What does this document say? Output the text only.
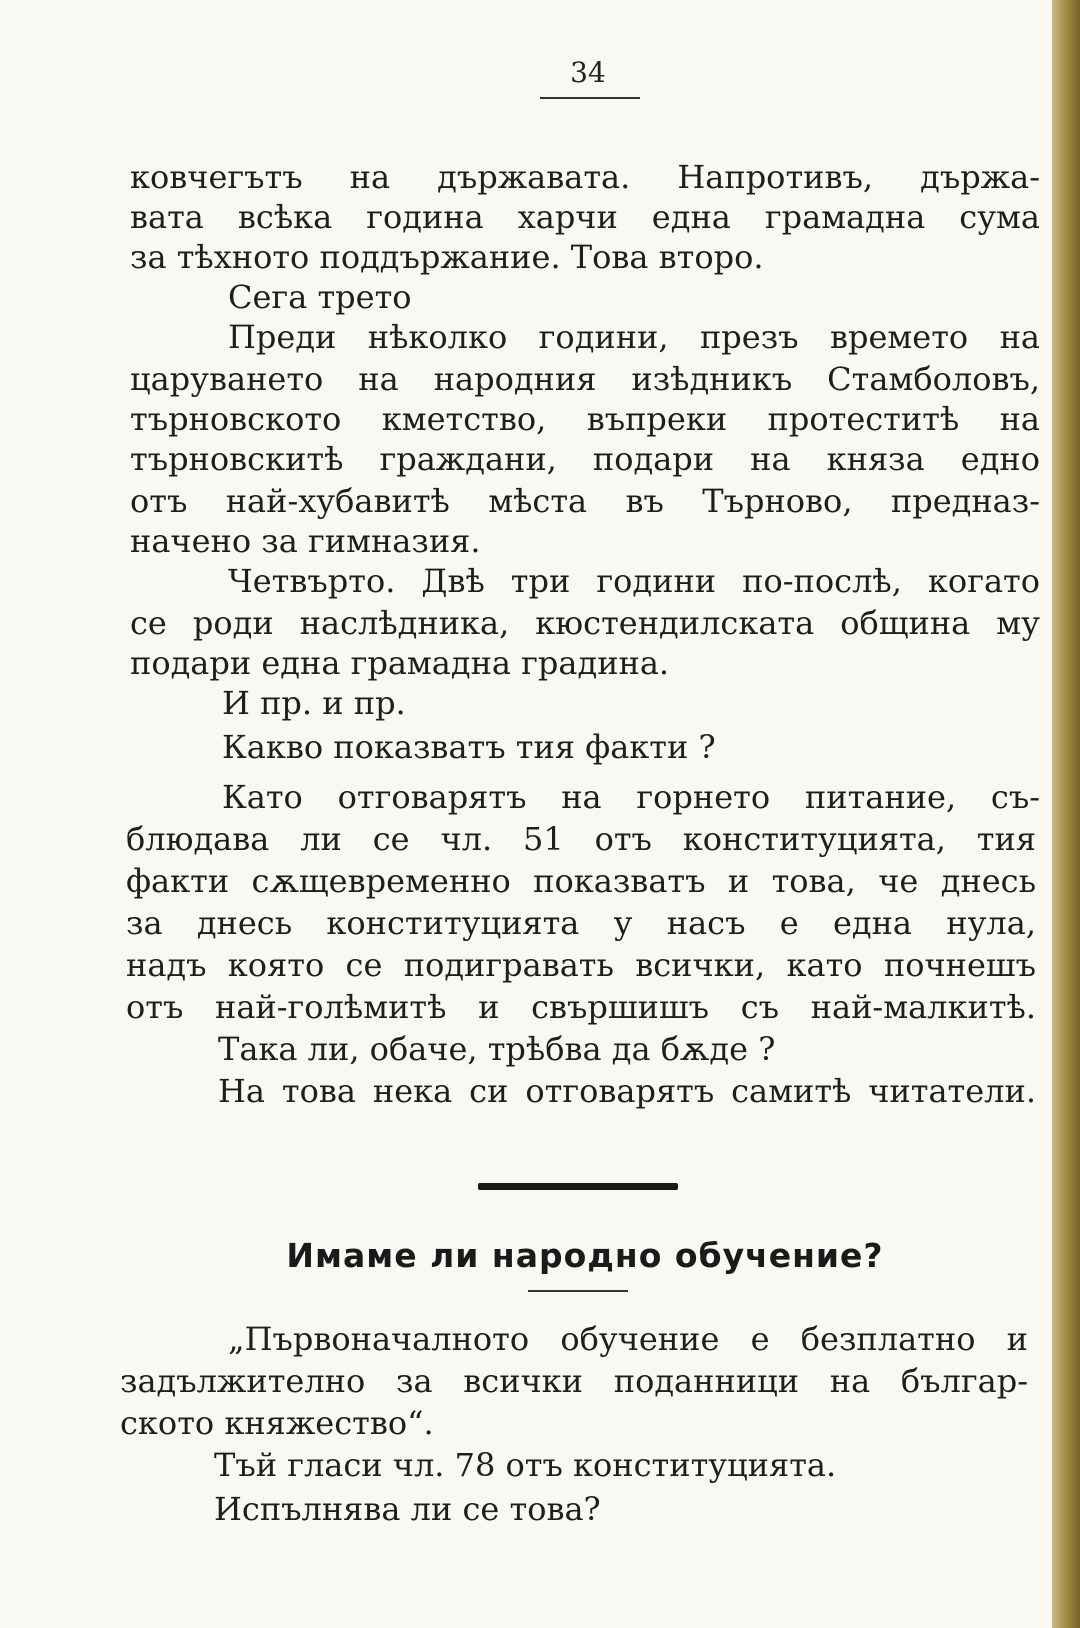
34
ковчегътъ на държавата. Напротивъ, държа-
вата всѣка година харчи една грамадна сума
за тѣхното поддържание. Това второ.
Сега трето
Преди нѣколко години, презъ времето на
царуването на народния изѣдникъ Стамболовъ,
търновското кметство, въпреки протеститѣ на
търновскитѣ граждани, подари на княза едно
отъ най-хубавитѣ мѣста въ Търново, предназ-
начено за гимназия.
Четвърто. Двѣ три години по-послѣ, когато
се роди наслѣдника, кюстендилската община му
подари една грамадна градина.
И пр. и пр.
Какво показватъ тия факти ?
Като отговарятъ на горнето питание, съ-
блюдава ли се чл. 51 отъ конституцията, тия
факти сѫщевременно показватъ и това, че днесь
за днесь конституцията у насъ е една нула,
надъ която се подигравать всички, като почнешъ
отъ най-голѣмитѣ и свършишъ съ най-малкитѣ.
Така ли, обаче, трѣбва да бѫде ?
На това нека си отговарятъ самитѣ читатели.
Имаме ли народно обучение?
„Първоначалното обучение е безплатно и
задължително за всички поданници на българ-
ското княжество“.
Тъй гласи чл. 78 отъ конституцията.
Испълнява ли се това?
